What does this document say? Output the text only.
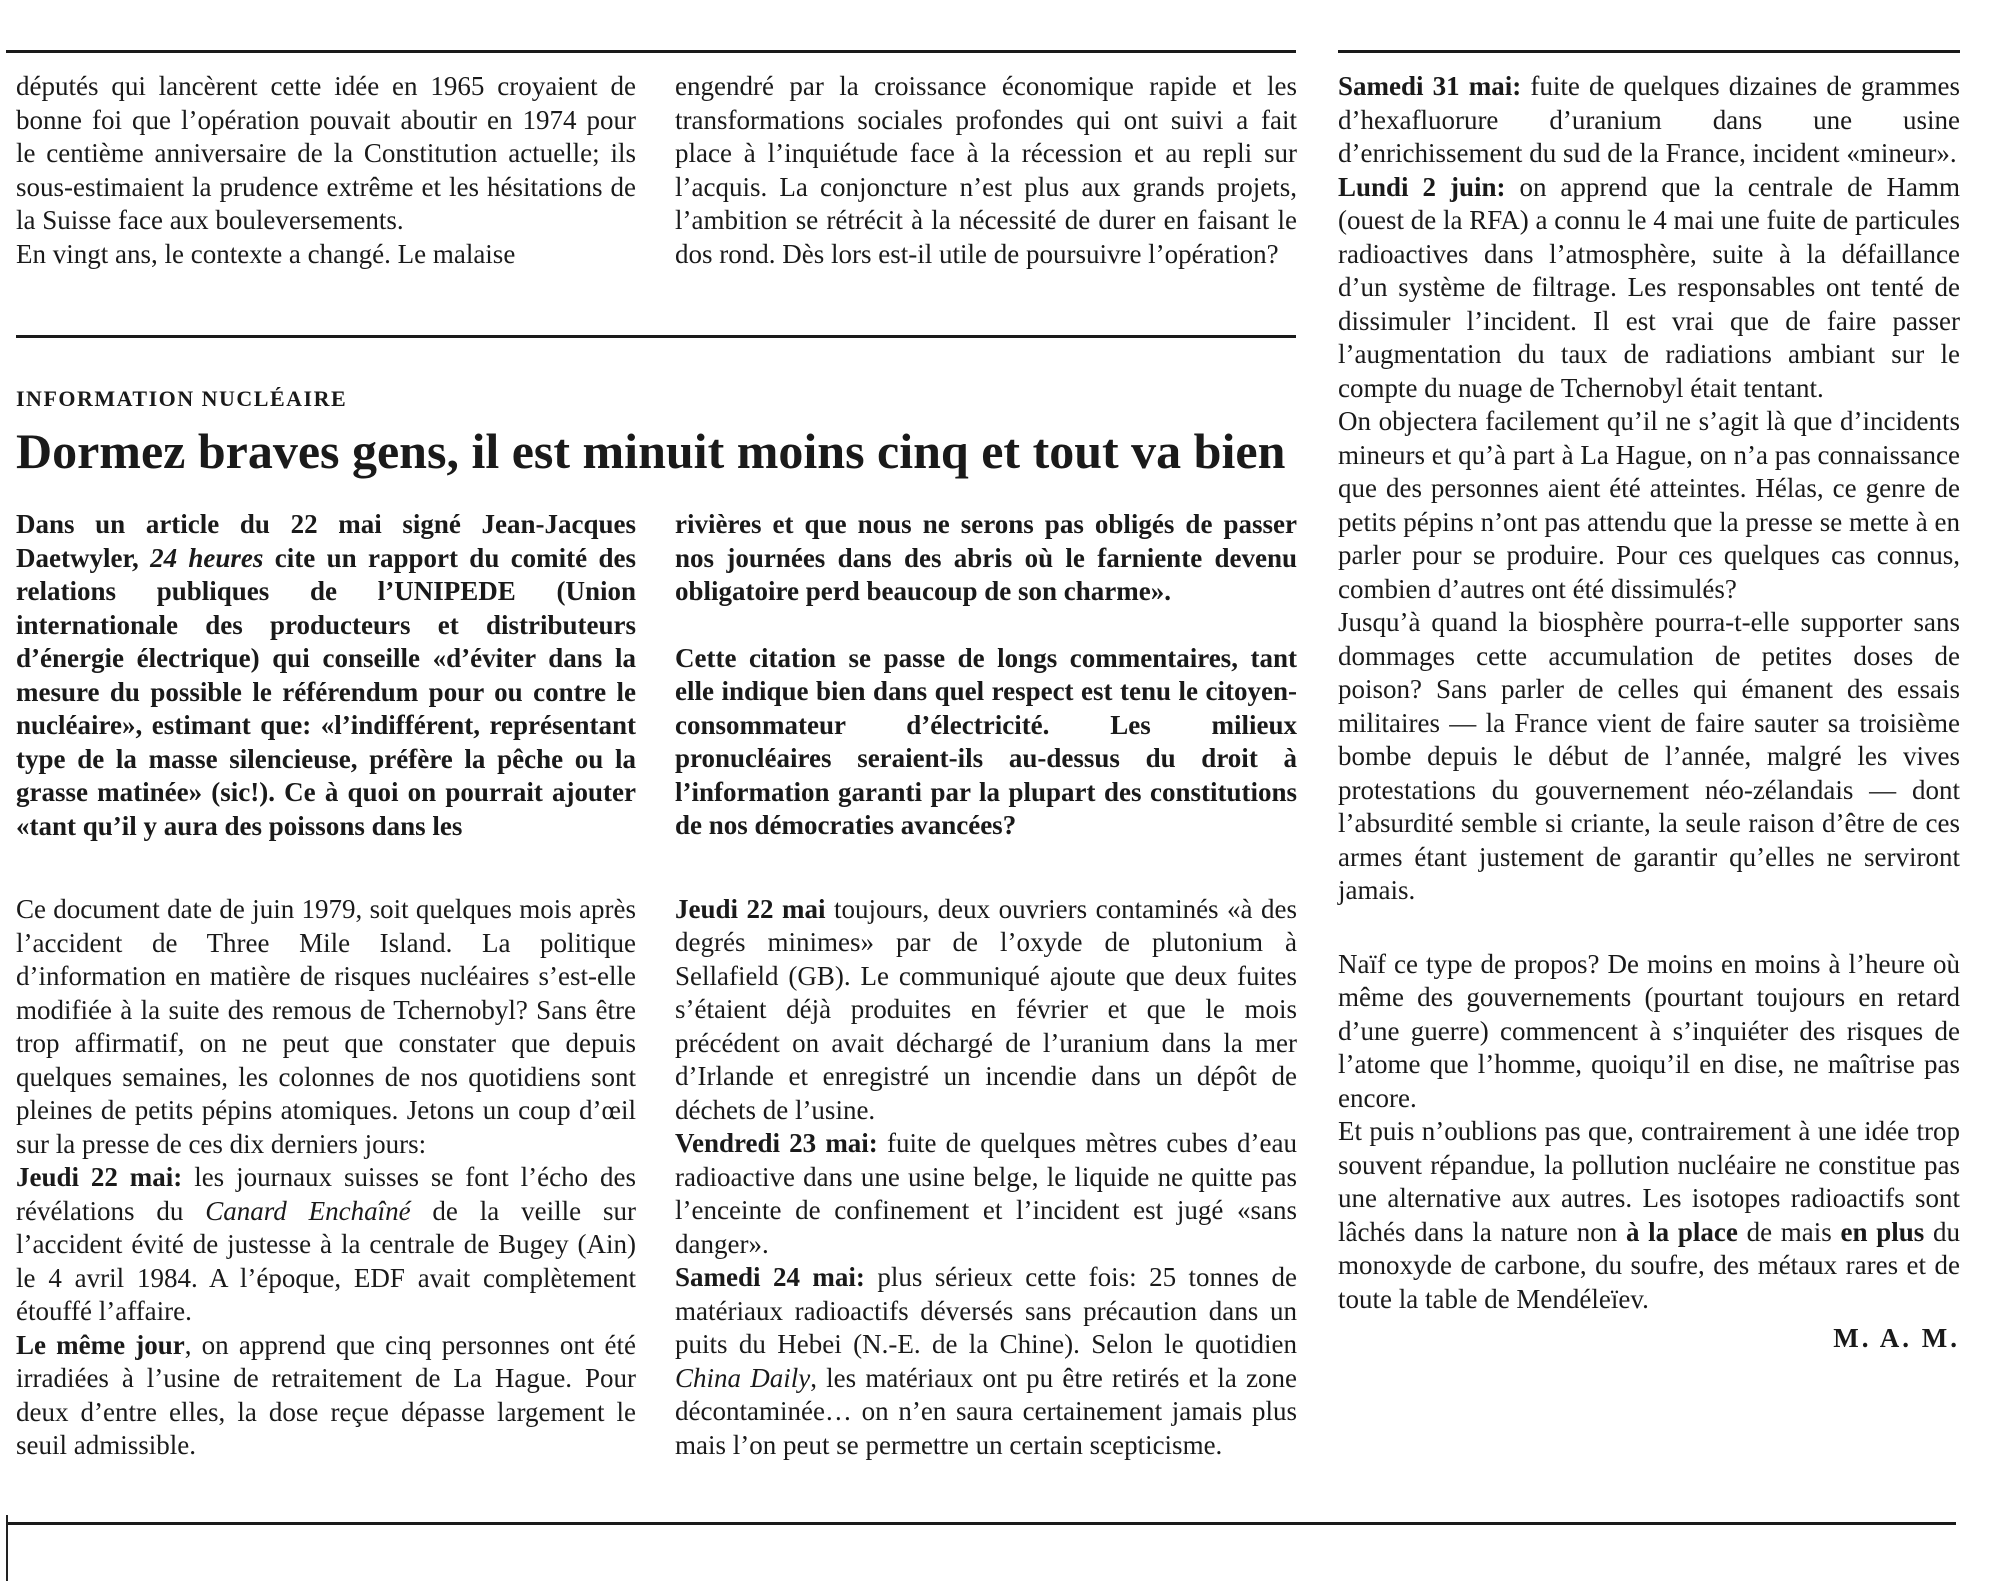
députés qui lancèrent cette idée en 1965 croyaient de bonne foi que l’opération pouvait aboutir en 1974 pour le centième anniversaire de la Constitution actuelle; ils sous-estimaient la prudence extrême et les hésitations de la Suisse face aux bouleversements.

En vingt ans, le contexte a changé. Le malaise

engendré par la croissance économique rapide et les transformations sociales profondes qui ont suivi a fait place à l’inquiétude face à la récession et au repli sur l’acquis. La conjoncture n’est plus aux grands projets, l’ambition se rétrécit à la nécessité de durer en faisant le dos rond. Dès lors est-il utile de poursuivre l’opération?

INFORMATION NUCLÉAIRE
Dormez braves gens, il est minuit moins cinq et tout va bien

Dans un article du 22 mai signé Jean-Jacques Daetwyler, 24 heures cite un rapport du comité des relations publiques de l’UNIPEDE (Union internationale des producteurs et distributeurs d’énergie électrique) qui conseille «d’éviter dans la mesure du possible le référendum pour ou contre le nucléaire», estimant que: «l’indifférent, représentant type de la masse silencieuse, préfère la pêche ou la grasse matinée» (sic!). Ce à quoi on pourrait ajouter «tant qu’il y aura des poissons dans les

Ce document date de juin 1979, soit quelques mois après l’accident de Three Mile Island. La politique d’information en matière de risques nucléaires s’est-elle modifiée à la suite des remous de Tchernobyl? Sans être trop affirmatif, on ne peut que constater que depuis quelques semaines, les colonnes de nos quotidiens sont pleines de petits pépins atomiques. Jetons un coup d’œil sur la presse de ces dix derniers jours:

Jeudi 22 mai: les journaux suisses se font l’écho des révélations du Canard Enchaîné de la veille sur l’accident évité de justesse à la centrale de Bugey (Ain) le 4 avril 1984. A l’époque, EDF avait complètement étouffé l’affaire.

Le même jour, on apprend que cinq personnes ont été irradiées à l’usine de retraitement de La Hague. Pour deux d’entre elles, la dose reçue dépasse largement le seuil admissible.

rivières et que nous ne serons pas obligés de passer nos journées dans des abris où le farniente devenu obligatoire perd beaucoup de son charme».

Cette citation se passe de longs commentaires, tant elle indique bien dans quel respect est tenu le citoyen-consommateur d’électricité. Les milieux pronucléaires seraient-ils au-dessus du droit à l’information garanti par la plupart des constitutions de nos démocraties avancées?

Jeudi 22 mai toujours, deux ouvriers contaminés «à des degrés minimes» par de l’oxyde de plutonium à Sellafield (GB). Le communiqué ajoute que deux fuites s’étaient déjà produites en février et que le mois précédent on avait déchargé de l’uranium dans la mer d’Irlande et enregistré un incendie dans un dépôt de déchets de l’usine.

Vendredi 23 mai: fuite de quelques mètres cubes d’eau radioactive dans une usine belge, le liquide ne quitte pas l’enceinte de confinement et l’incident est jugé «sans danger».

Samedi 24 mai: plus sérieux cette fois: 25 tonnes de matériaux radioactifs déversés sans précaution dans un puits du Hebei (N.-E. de la Chine). Selon le quotidien China Daily, les matériaux ont pu être retirés et la zone décontaminée… on n’en saura certainement jamais plus mais l’on peut se permettre un certain scepticisme.

Samedi 31 mai: fuite de quelques dizaines de grammes d’hexafluorure d’uranium dans une usine d’enrichissement du sud de la France, incident «mineur».

Lundi 2 juin: on apprend que la centrale de Hamm (ouest de la RFA) a connu le 4 mai une fuite de particules radioactives dans l’atmosphère, suite à la défaillance d’un système de filtrage. Les responsables ont tenté de dissimuler l’incident. Il est vrai que de faire passer l’augmentation du taux de radiations ambiant sur le compte du nuage de Tchernobyl était tentant.

On objectera facilement qu’il ne s’agit là que d’incidents mineurs et qu’à part à La Hague, on n’a pas connaissance que des personnes aient été atteintes. Hélas, ce genre de petits pépins n’ont pas attendu que la presse se mette à en parler pour se produire. Pour ces quelques cas connus, combien d’autres ont été dissimulés?

Jusqu’à quand la biosphère pourra-t-elle supporter sans dommages cette accumulation de petites doses de poison? Sans parler de celles qui émanent des essais militaires — la France vient de faire sauter sa troisième bombe depuis le début de l’année, malgré les vives protestations du gouvernement néo-zélandais — dont l’absurdité semble si criante, la seule raison d’être de ces armes étant justement de garantir qu’elles ne serviront jamais.

Naïf ce type de propos? De moins en moins à l’heure où même des gouvernements (pourtant toujours en retard d’une guerre) commencent à s’inquiéter des risques de l’atome que l’homme, quoiqu’il en dise, ne maîtrise pas encore.

Et puis n’oublions pas que, contrairement à une idée trop souvent répandue, la pollution nucléaire ne constitue pas une alternative aux autres. Les isotopes radioactifs sont lâchés dans la nature non à la place de mais en plus du monoxyde de carbone, du soufre, des métaux rares et de toute la table de Mendéleïev.

M. A. M.
